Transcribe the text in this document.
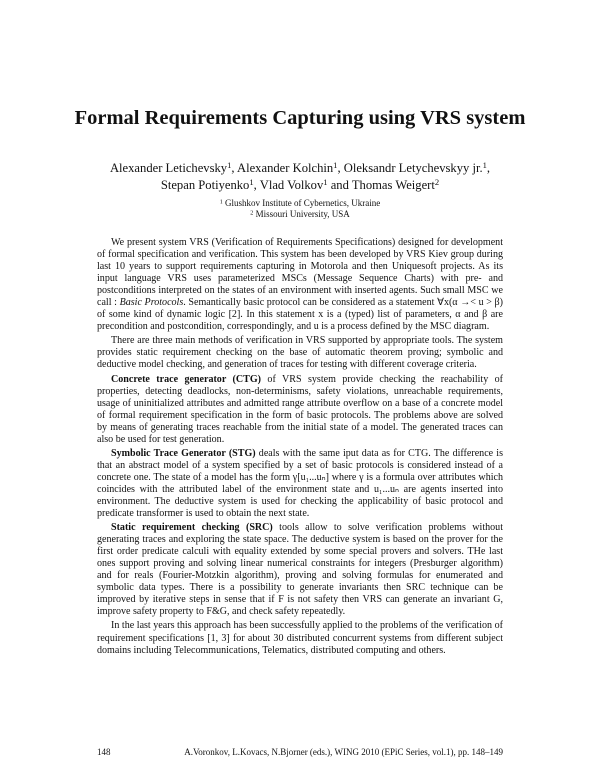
Formal Requirements Capturing using VRS system
Alexander Letichevsky$^1$, Alexander Kolchin$^1$, Oleksandr Letychevskyy jr.$^1$,
Stepan Potiyenko$^1$, Vlad Volkov$^1$ and Thomas Weigert$^2$
$^1$ Glushkov Institute of Cybernetics, Ukraine
$^2$ Missouri University, USA

We present system VRS (Verification of Requirements Specifications) designed for development of formal specification and verification. This system has been developed by VRS Kiev group during last 10 years to support requirements capturing in Motorola and then Uniquesoft projects. As its input language VRS uses parameterized MSCs (Message Sequence Charts) with pre- and postconditions interpreted on the states of an environment with inserted agents. Such small MSC we call : Basic Protocols. Semantically basic protocol can be considered as a statement ∀x(α →< u > β) of some kind of dynamic logic [2]. In this statement x is a (typed) list of parameters, α and β are precondition and postcondition, correspondingly, and u is a process defined by the MSC diagram.

There are three main methods of verification in VRS supported by appropriate tools. The system provides static requirement checking on the base of automatic theorem proving; symbolic and deductive model checking, and generation of traces for testing with different coverage criteria.

Concrete trace generator (CTG) of VRS system provide checking the reachability of properties, detecting deadlocks, non-determinisms, safety violations, unreachable requirements, usage of uninitialized attributes and admitted range attribute overflow on a base of a concrete model of formal requirement specification in the form of basic protocols. The problems above are solved by means of generating traces reachable from the initial state of a model. The generated traces can also be used for test generation.

Symbolic Trace Generator (STG) deals with the same iput data as for CTG. The difference is that an abstract model of a system specified by a set of basic protocols is considered instead of a concrete one. The state of a model has the form γ[u₁...uₙ] where γ is a formula over attributes which coincides with the attributed label of the environment state and u₁...uₙ are agents inserted into environment. The deductive system is used for checking the applicability of basic protocol and predicate transformer is used to obtain the next state.

Static requirement checking (SRC) tools allow to solve verification problems without generating traces and exploring the state space. The deductive system is based on the prover for the first order predicate calculi with equality extended by some special provers and solvers. THe last ones support proving and solving linear numerical constraints for integers (Presburger algorithm) and for reals (Fourier-Motzkin algorithm), proving and solving formulas for enumerated and symbolic data types. There is a possibility to generate invariants then SRC technique can be improved by iterative steps in sense that if F is not safety then VRS can generate an invariant G, improve safety property to F&G, and check safety repeatedly.

In the last years this approach has been successfully applied to the problems of the verification of requirement specifications [1, 3] for about 30 distributed concurrent systems from different subject domains including Telecommunications, Telematics, distributed computing and others.

148	A.Voronkov, L.Kovacs, N.Bjorner (eds.), WING 2010 (EPiC Series, vol.1), pp. 148–149
